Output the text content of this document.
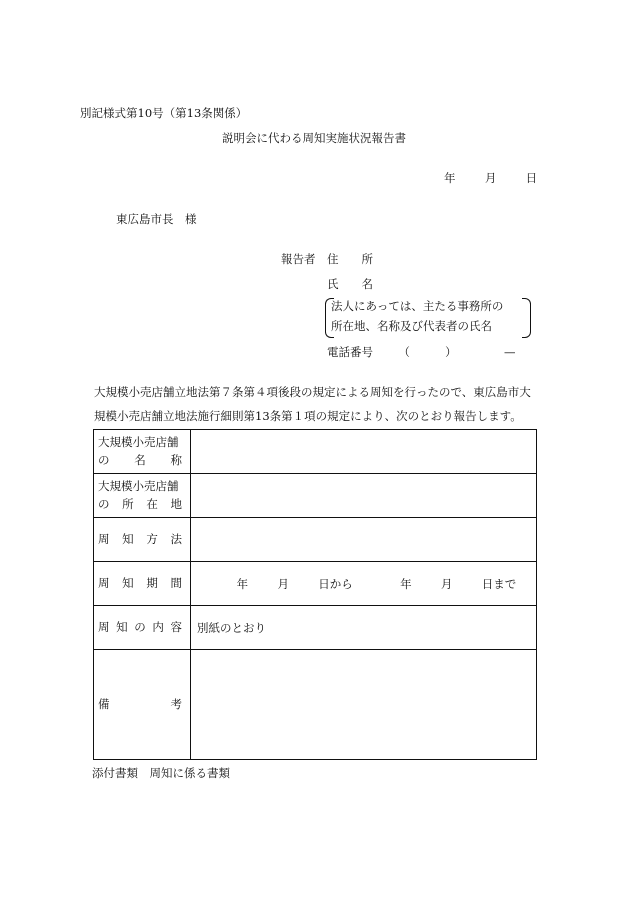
別記様式第10号（第13条関係）
説明会に代わる周知実施状況報告書
年	月	日
東広島市長　様
報告者 住　　所
氏　　名
法人にあっては、主たる事務所の
所在地、名称及び代表者の氏名
電話番号 （	）	—
大規模小売店舗立地法第７条第４項後段の規定による周知を行ったので、東広島市大
規模小売店舗立地法施行細則第13条第１項の規定により、次のとおり報告します。
大規模小売店舗
の 名 称	

大規模小売店舗
の 所 在 地	

周 知 方 法	

周 知 期 間	年 月 日から 年 月 日まで

周 知 の 内 容	別紙のとおり

備 考	

添付書類　周知に係る書類
